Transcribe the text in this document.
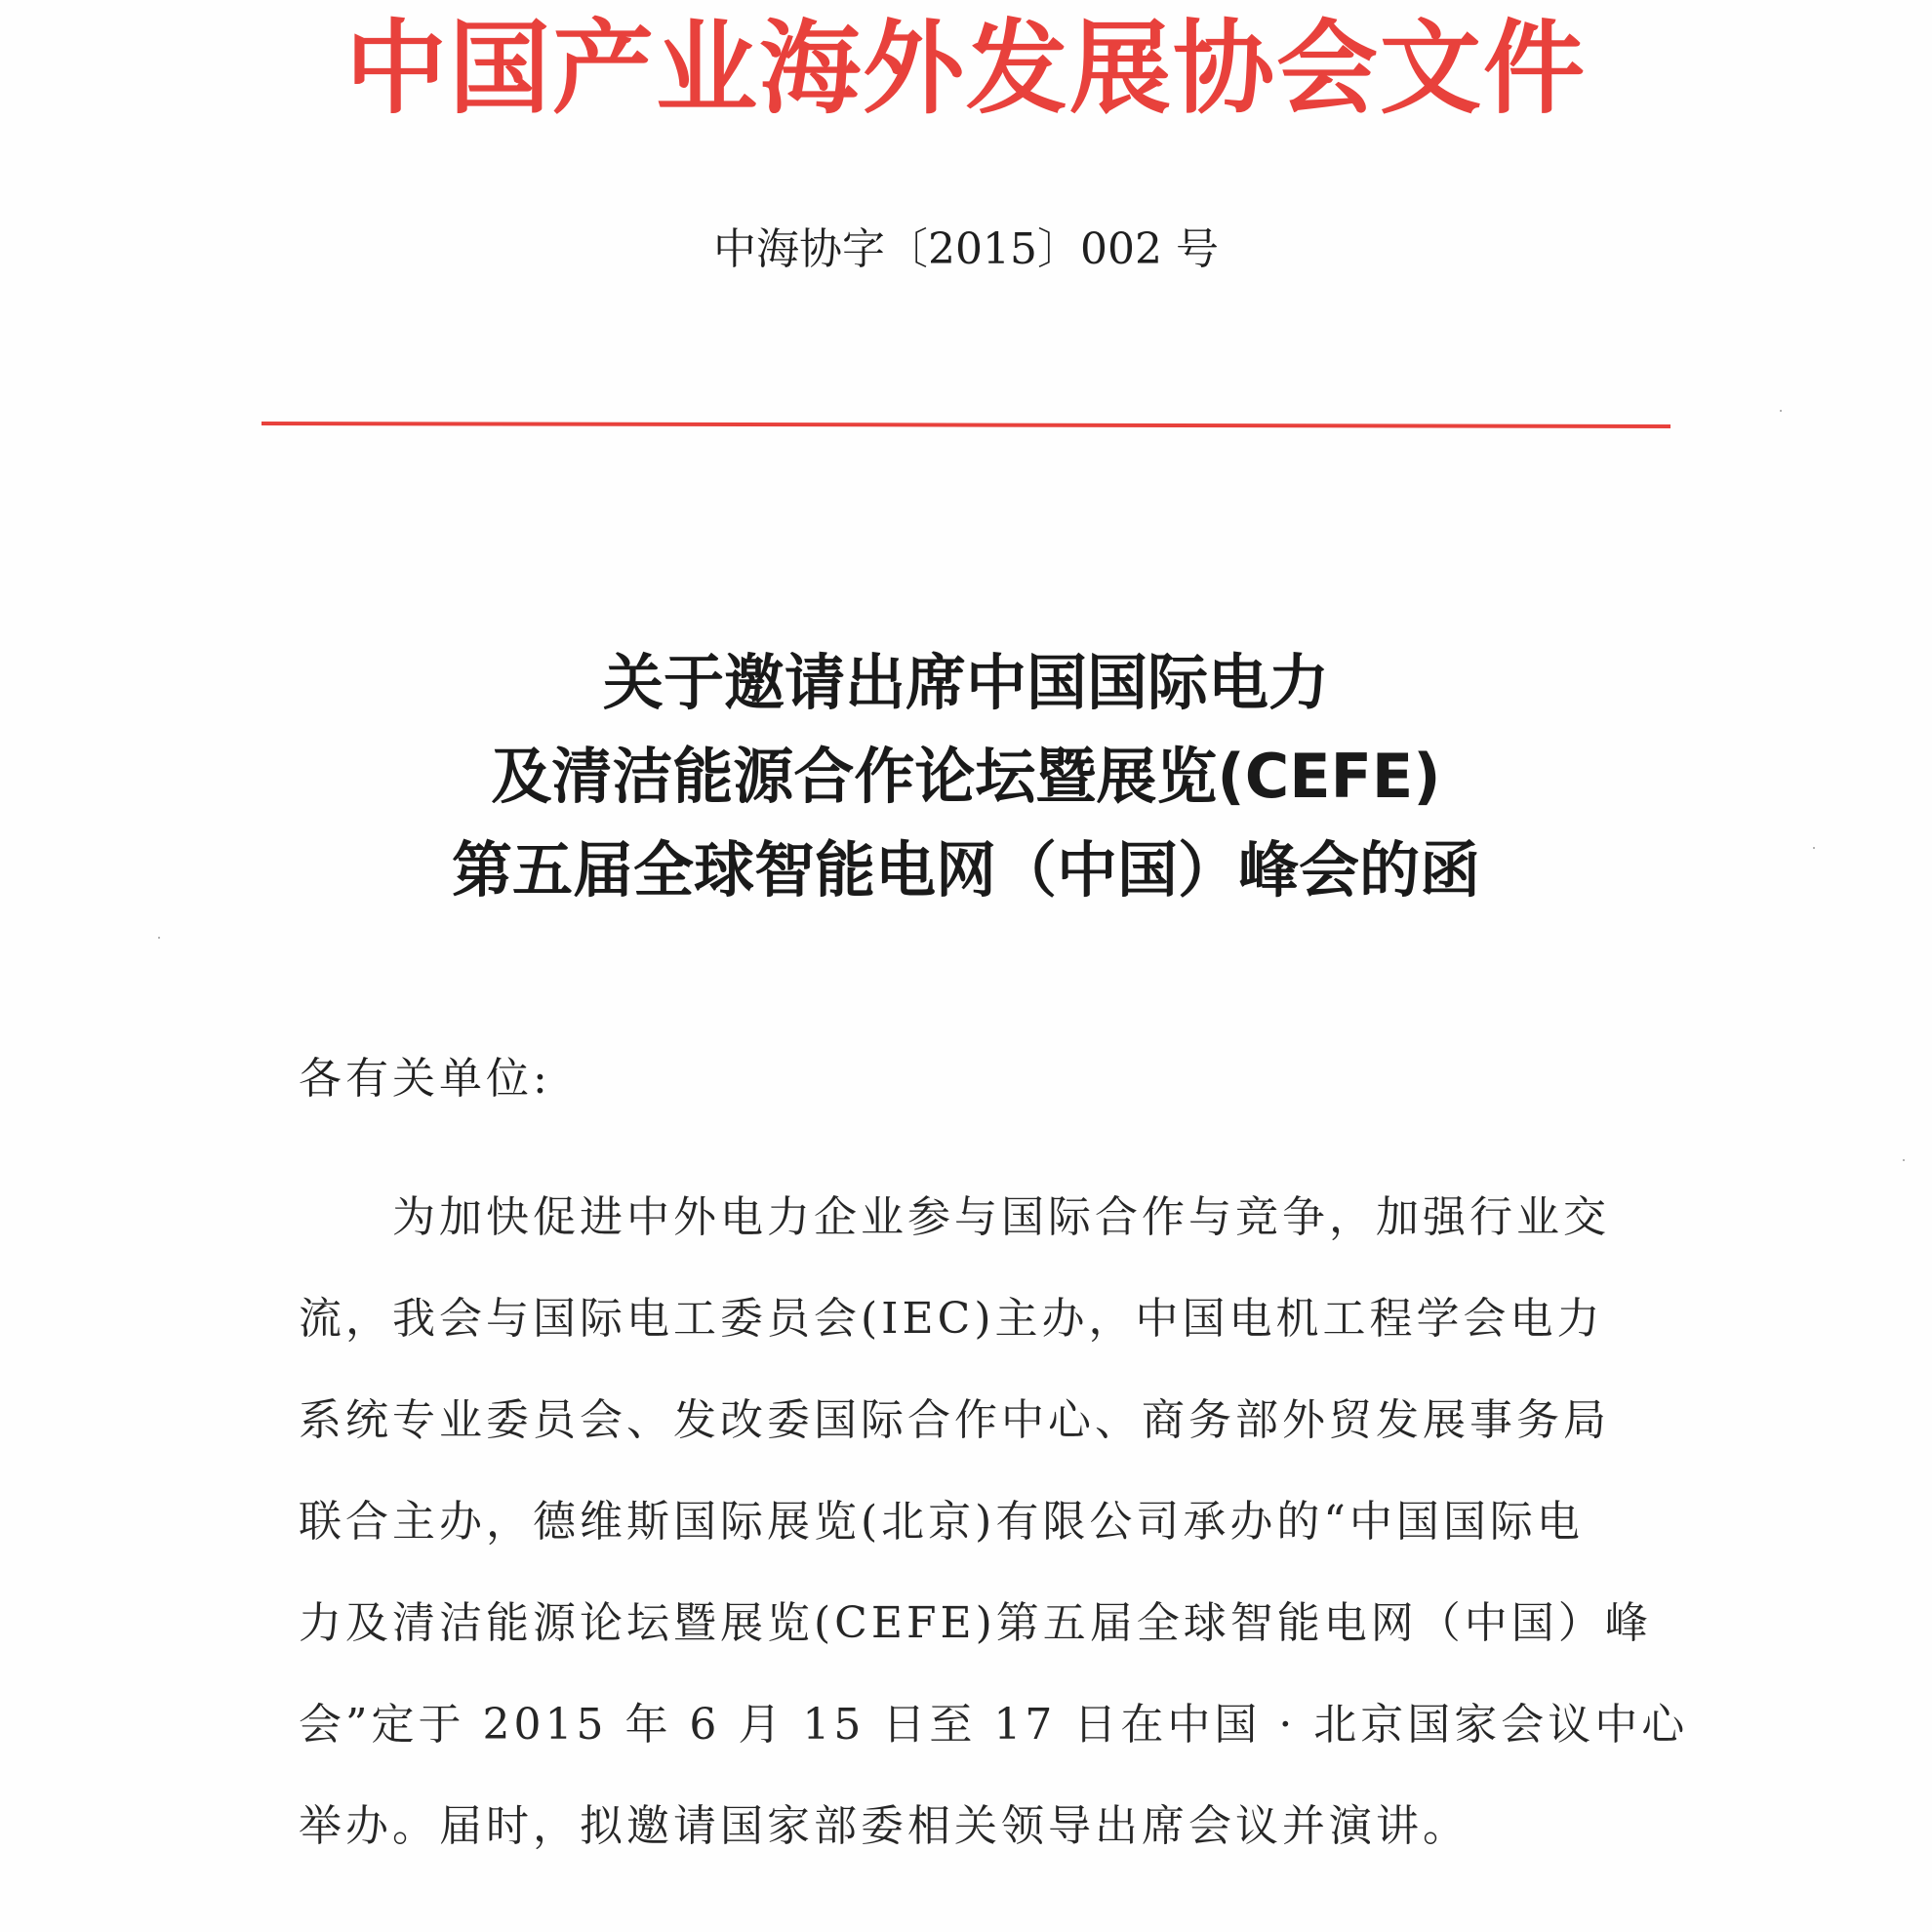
中国产业海外发展协会文件
中海协字〔2015〕002 号
关于邀请出席中国国际电力
及清洁能源合作论坛暨展览(CEFE)
第五届全球智能电网（中国）峰会的函
各有关单位:
为加快促进中外电力企业参与国际合作与竞争，加强行业交
流，我会与国际电工委员会(IEC)主办，中国电机工程学会电力
系统专业委员会、发改委国际合作中心、商务部外贸发展事务局
联合主办，德维斯国际展览(北京)有限公司承办的“中国国际电
力及清洁能源论坛暨展览(CEFE)第五届全球智能电网（中国）峰
会”定于 2015 年 6 月 15 日至 17 日在中国 · 北京国家会议中心
举办。届时，拟邀请国家部委相关领导出席会议并演讲。
